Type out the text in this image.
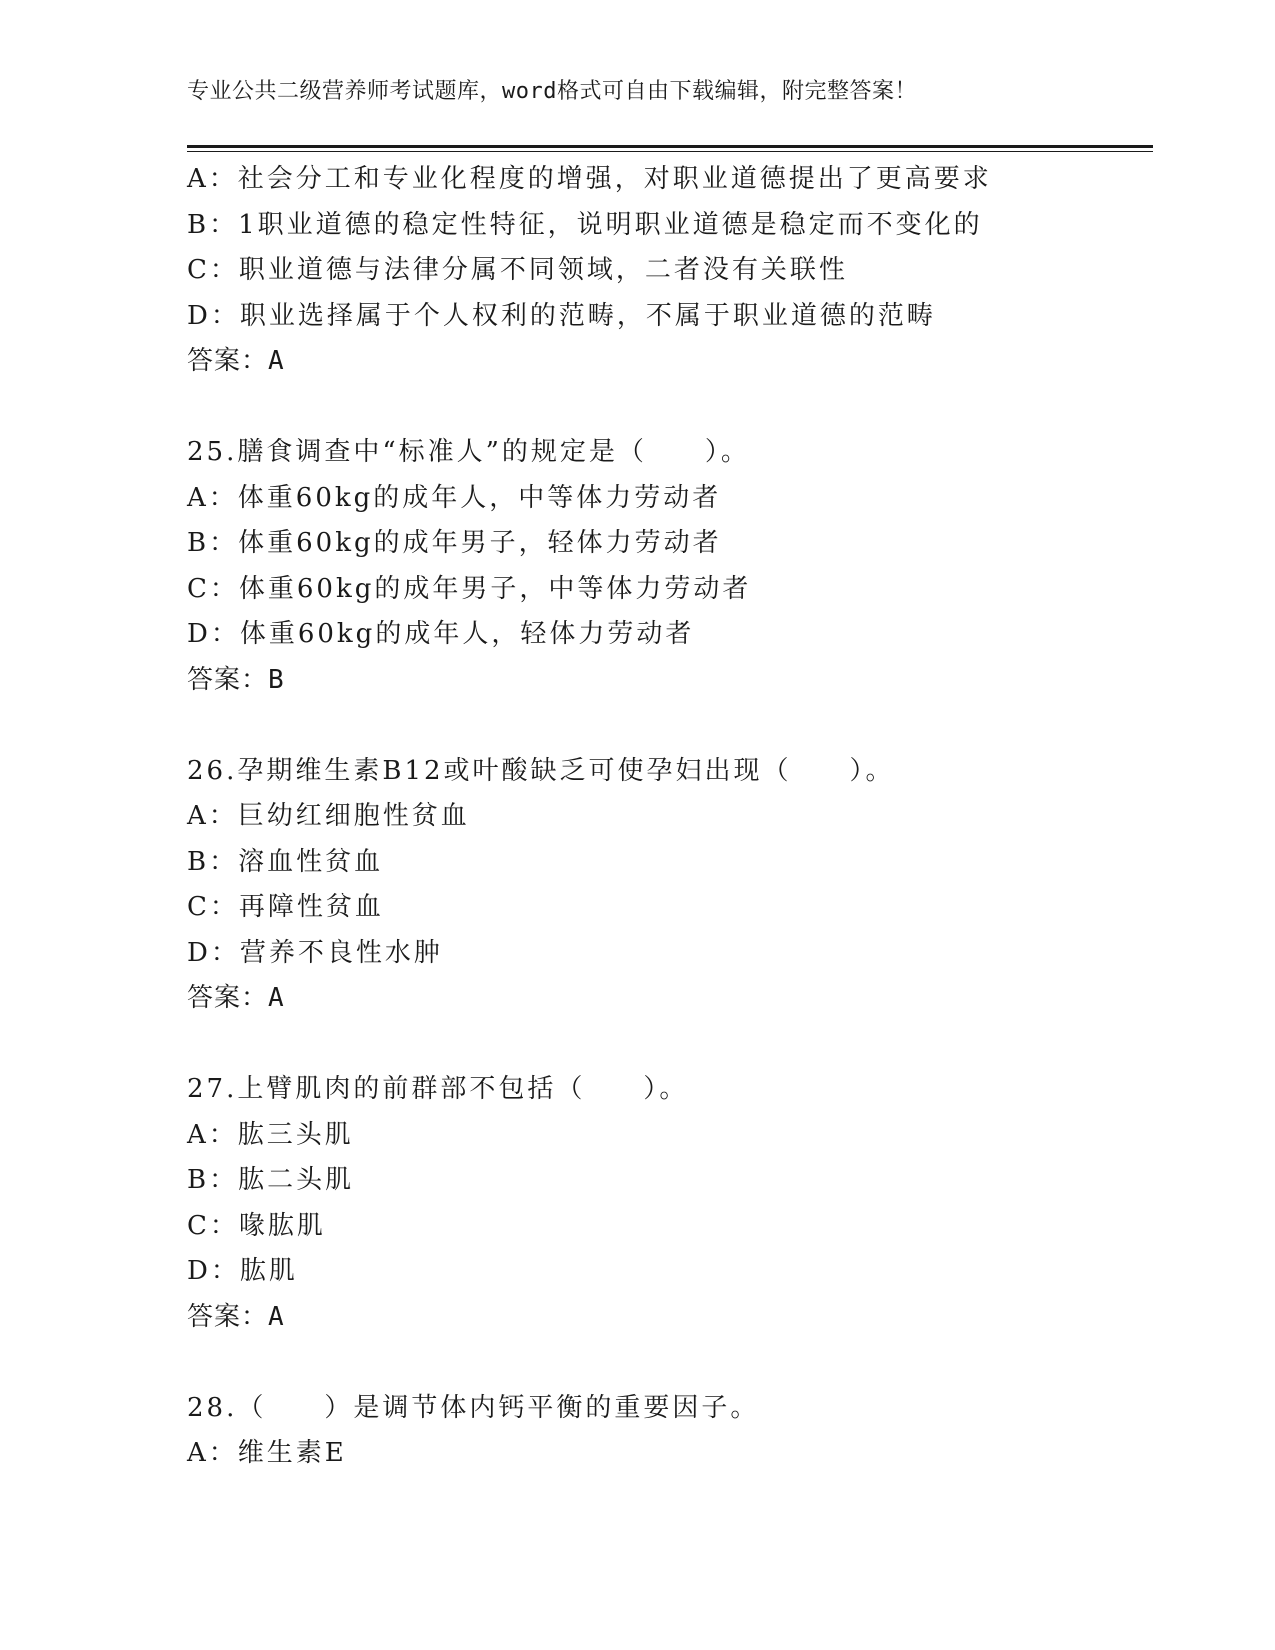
专业公共二级营养师考试题库，word格式可自由下载编辑，附完整答案！
A：社会分工和专业化程度的增强，对职业道德提出了更高要求
B：1职业道德的稳定性特征，说明职业道德是稳定而不变化的
C：职业道德与法律分属不同领域，二者没有关联性
D：职业选择属于个人权利的范畴，不属于职业道德的范畴
答案：A
25.膳食调查中“标准人”的规定是（　　）。
A：体重60kg的成年人，中等体力劳动者
B：体重60kg的成年男子，轻体力劳动者
C：体重60kg的成年男子，中等体力劳动者
D：体重60kg的成年人，轻体力劳动者
答案：B
26.孕期维生素B12或叶酸缺乏可使孕妇出现（　　）。
A：巨幼红细胞性贫血
B：溶血性贫血
C：再障性贫血
D：营养不良性水肿
答案：A
27.上臂肌肉的前群部不包括（　　）。
A：肱三头肌
B：肱二头肌
C：喙肱肌
D：肱肌
答案：A
28.（　　）是调节体内钙平衡的重要因子。
A：维生素E
